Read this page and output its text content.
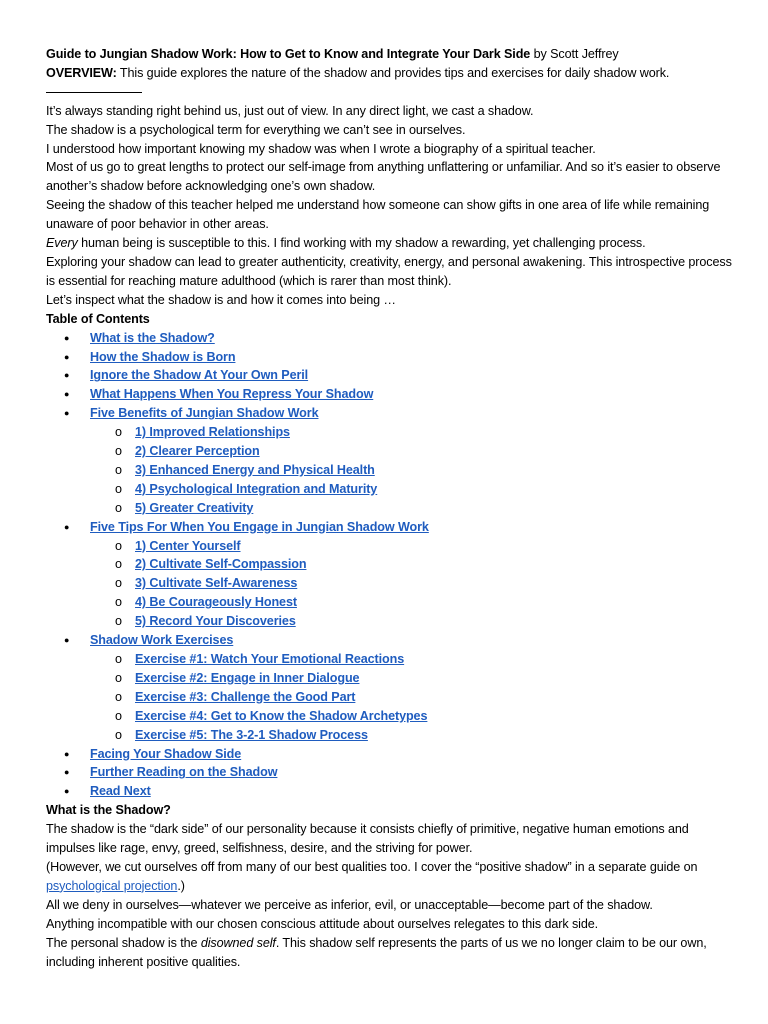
Guide to Jungian Shadow Work: How to Get to Know and Integrate Your Dark Side by Scott Jeffrey

OVERVIEW: This guide explores the nature of the shadow and provides tips and exercises for daily shadow work.

It’s always standing right behind us, just out of view. In any direct light, we cast a shadow.

The shadow is a psychological term for everything we can’t see in ourselves.

I understood how important knowing my shadow was when I wrote a biography of a spiritual teacher.

Most of us go to great lengths to protect our self-image from anything unflattering or unfamiliar. And so it’s easier to observe another’s shadow before acknowledging one’s own shadow.

Seeing the shadow of this teacher helped me understand how someone can show gifts in one area of life while remaining unaware of poor behavior in other areas.

Every human being is susceptible to this. I find working with my shadow a rewarding, yet challenging process.

Exploring your shadow can lead to greater authenticity, creativity, energy, and personal awakening. This introspective process is essential for reaching mature adulthood (which is rarer than most think).

Let’s inspect what the shadow is and how it comes into being …

Table of Contents

● What is the Shadow?
● How the Shadow is Born
● Ignore the Shadow At Your Own Peril
● What Happens When You Repress Your Shadow
● Five Benefits of Jungian Shadow Work
o 1) Improved Relationships
o 2) Clearer Perception
o 3) Enhanced Energy and Physical Health
o 4) Psychological Integration and Maturity
o 5) Greater Creativity
● Five Tips For When You Engage in Jungian Shadow Work
o 1) Center Yourself
o 2) Cultivate Self-Compassion
o 3) Cultivate Self-Awareness
o 4) Be Courageously Honest
o 5) Record Your Discoveries
● Shadow Work Exercises
o Exercise #1: Watch Your Emotional Reactions
o Exercise #2: Engage in Inner Dialogue
o Exercise #3: Challenge the Good Part
o Exercise #4: Get to Know the Shadow Archetypes
o Exercise #5: The 3-2-1 Shadow Process
● Facing Your Shadow Side
● Further Reading on the Shadow
● Read Next

What is the Shadow?

The shadow is the “dark side” of our personality because it consists chiefly of primitive, negative human emotions and impulses like rage, envy, greed, selfishness, desire, and the striving for power.

(However, we cut ourselves off from many of our best qualities too. I cover the “positive shadow” in a separate guide on psychological projection.)

All we deny in ourselves—whatever we perceive as inferior, evil, or unacceptable—become part of the shadow.

Anything incompatible with our chosen conscious attitude about ourselves relegates to this dark side.

The personal shadow is the disowned self. This shadow self represents the parts of us we no longer claim to be our own, including inherent positive qualities.
